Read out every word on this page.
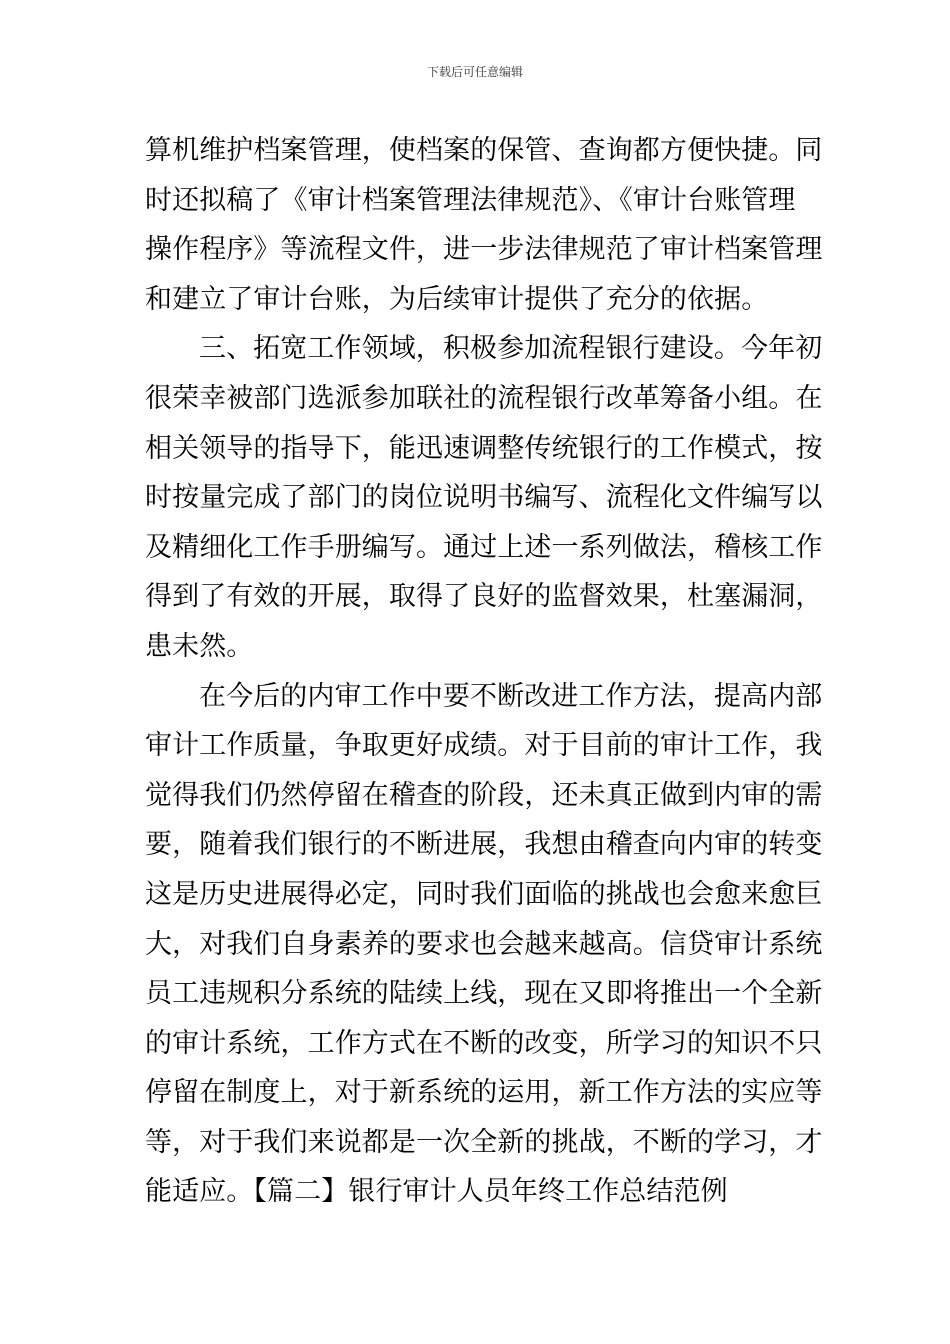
下载后可任意编辑
算机维护档案管理，使档案的保管、查询都方便快捷。同
时还拟稿了《审计档案管理法律规范》、《审计台账管理
操作程序》等流程文件，进一步法律规范了审计档案管理
和建立了审计台账，为后续审计提供了充分的依据。
三、拓宽工作领域，积极参加流程银行建设。今年初
很荣幸被部门选派参加联社的流程银行改革筹备小组。在
相关领导的指导下，能迅速调整传统银行的工作模式，按
时按量完成了部门的岗位说明书编写、流程化文件编写以
及精细化工作手册编写。通过上述一系列做法，稽核工作
得到了有效的开展，取得了良好的监督效果，杜塞漏洞，
患未然。
在今后的内审工作中要不断改进工作方法，提高内部
审计工作质量，争取更好成绩。对于目前的审计工作，我
觉得我们仍然停留在稽查的阶段，还未真正做到内审的需
要，随着我们银行的不断进展，我想由稽查向内审的转变
这是历史进展得必定，同时我们面临的挑战也会愈来愈巨
大，对我们自身素养的要求也会越来越高。信贷审计系统
员工违规积分系统的陆续上线，现在又即将推出一个全新
的审计系统，工作方式在不断的改变，所学习的知识不只
停留在制度上，对于新系统的运用，新工作方法的实应等
等，对于我们来说都是一次全新的挑战，不断的学习，才
能适应。【篇二】银行审计人员年终工作总结范例
